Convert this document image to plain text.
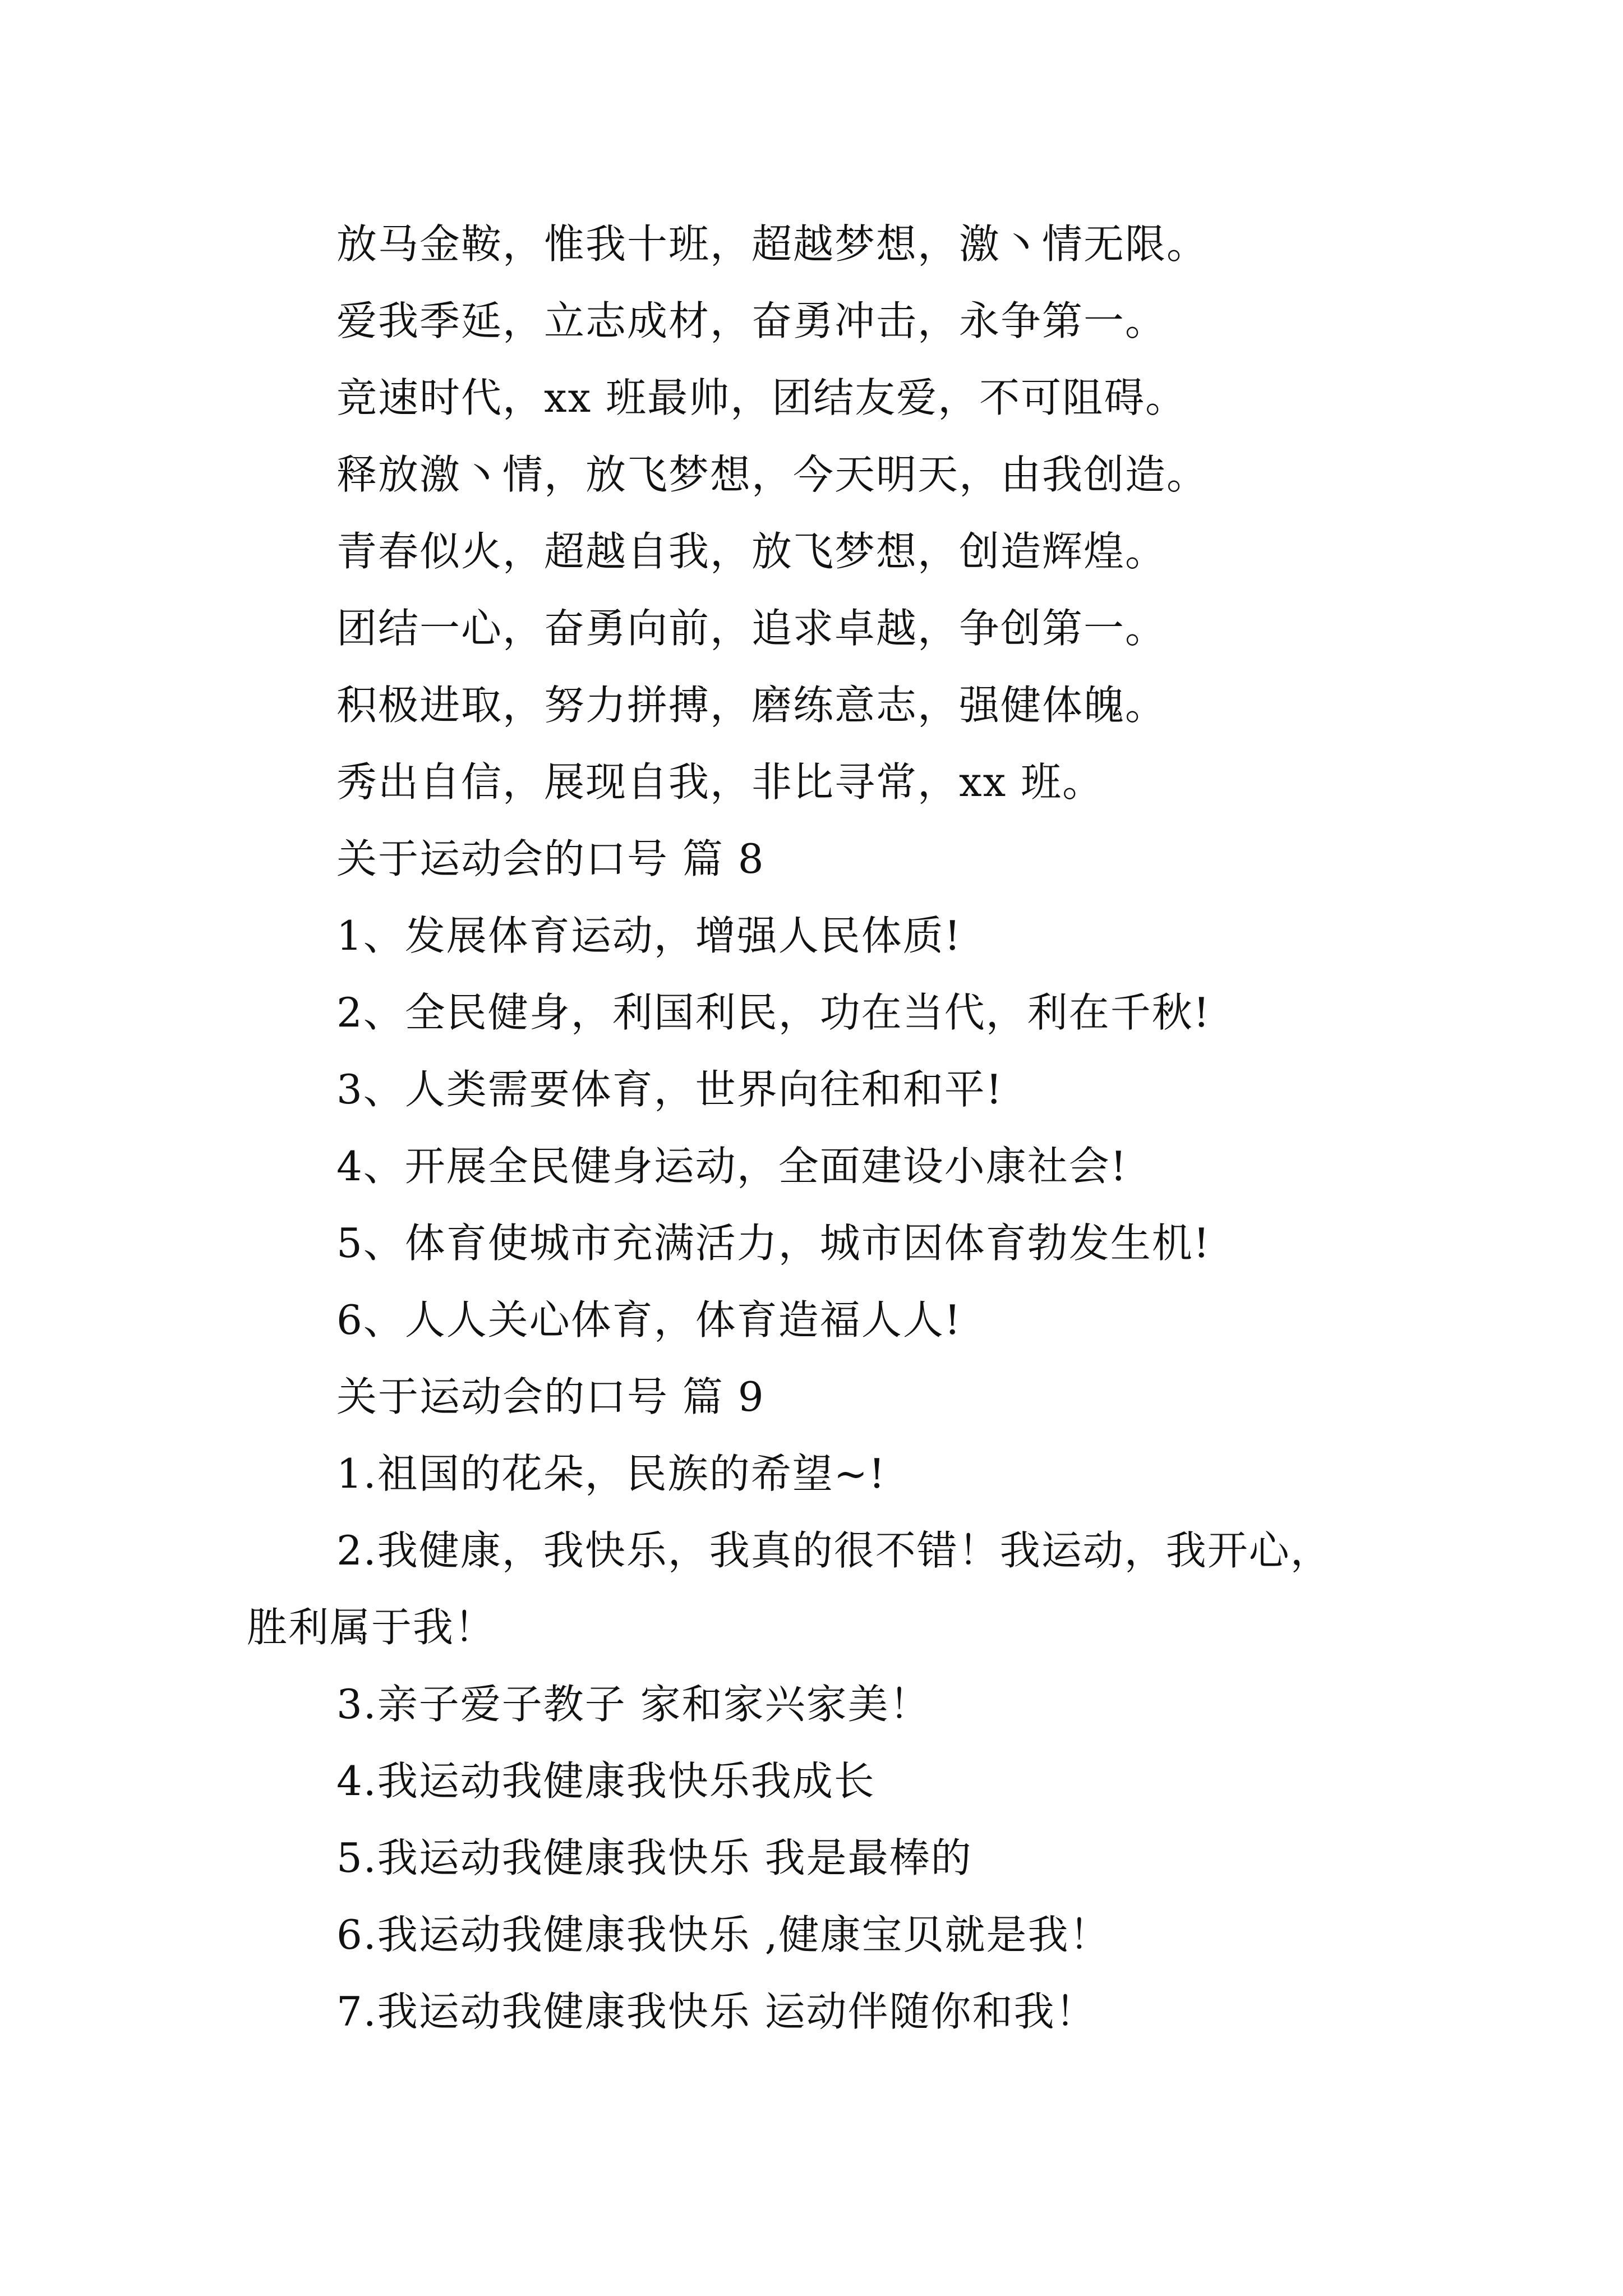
放马金鞍，惟我十班，超越梦想，激丶情无限。
爱我季延，立志成材，奋勇冲击，永争第一。
竞速时代，xx 班最帅，团结友爱，不可阻碍。
释放激丶情，放飞梦想，今天明天，由我创造。
青春似火，超越自我，放飞梦想，创造辉煌。
团结一心，奋勇向前，追求卓越，争创第一。
积极进取，努力拼搏，磨练意志，强健体魄。
秀出自信，展现自我，非比寻常，xx 班。
关于运动会的口号 篇 8
1、发展体育运动，增强人民体质!
2、全民健身，利国利民，功在当代，利在千秋!
3、人类需要体育，世界向往和和平!
4、开展全民健身运动，全面建设小康社会!
5、体育使城市充满活力，城市因体育勃发生机!
6、人人关心体育，体育造福人人!
关于运动会的口号 篇 9
1.祖国的花朵，民族的希望~!
2.我健康，我快乐，我真的很不错！我运动，我开心，
胜利属于我！
3.亲子爱子教子 家和家兴家美！
4.我运动我健康我快乐我成长
5.我运动我健康我快乐 我是最棒的
6.我运动我健康我快乐 ,健康宝贝就是我！
7.我运动我健康我快乐 运动伴随你和我！
